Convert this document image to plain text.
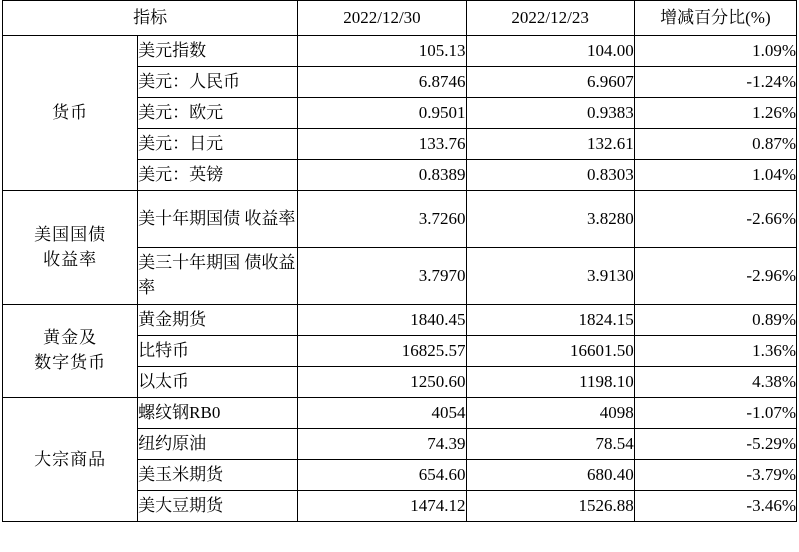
指标		2022/12/30	2022/12/23	增减百分比(%)
货币	美元指数	105.13	104.00	1.09%
	美元：人民币	6.8746	6.9607	-1.24%
	美元：欧元	0.9501	0.9383	1.26%
	美元：日元	133.76	132.61	0.87%
	美元：英镑	0.8389	0.8303	1.04%

美国国债
收益率	美十年期国债 收益率	3.7260	3.8280	-2.66%
	美三十年期国 债收益率	3.7970	3.9130	-2.96%

黄金及
数字货币	黄金期货	1840.45	1824.15	0.89%
	比特币	16825.57	16601.50	1.36%
	以太币	1250.60	1198.10	4.38%
大宗商品	螺纹钢RB0	4054	4098	-1.07%
	纽约原油	74.39	78.54	-5.29%
	美玉米期货	654.60	680.40	-3.79%
	美大豆期货	1474.12	1526.88	-3.46%
